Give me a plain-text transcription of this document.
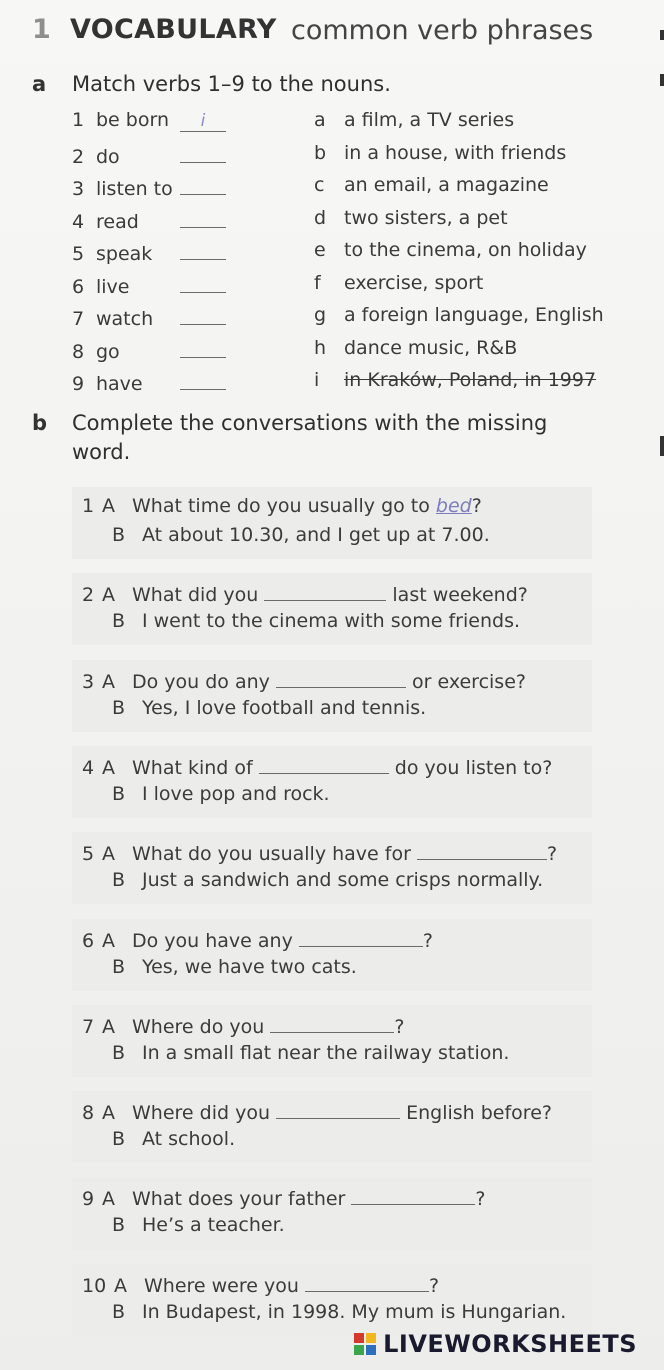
1 VOCABULARY common verb phrases
a Match verbs 1–9 to the nouns.
1 be born i
2 do
3 listen to
4 read
5 speak
6 live
7 watch
8 go
9 have
a a film, a TV series
b in a house, with friends
c an email, a magazine
d two sisters, a pet
e to the cinema, on holiday
f exercise, sport
g a foreign language, English
h dance music, R&B
i in Kraków, Poland, in 1997
b Complete the conversations with the missing
word.
1 A What time do you usually go to bed?
B At about 10.30, and I get up at 7.00.
2 A What did you	last weekend?
B I went to the cinema with some friends.
3 A Do you do any	or exercise?
B Yes, I love football and tennis.
4 A What kind of	do you listen to?
B I love pop and rock.
5 A What do you usually have for	?
B Just a sandwich and some crisps normally.
6 A Do you have any	?
B Yes, we have two cats.
7 A Where do you	?
B In a small flat near the railway station.
8 A Where did you	English before?
B At school.
9 A What does your father	?
B He’s a teacher.
10 A Where were you	?
B In Budapest, in 1998. My mum is Hungarian.
LIVEWORKSHEETS
